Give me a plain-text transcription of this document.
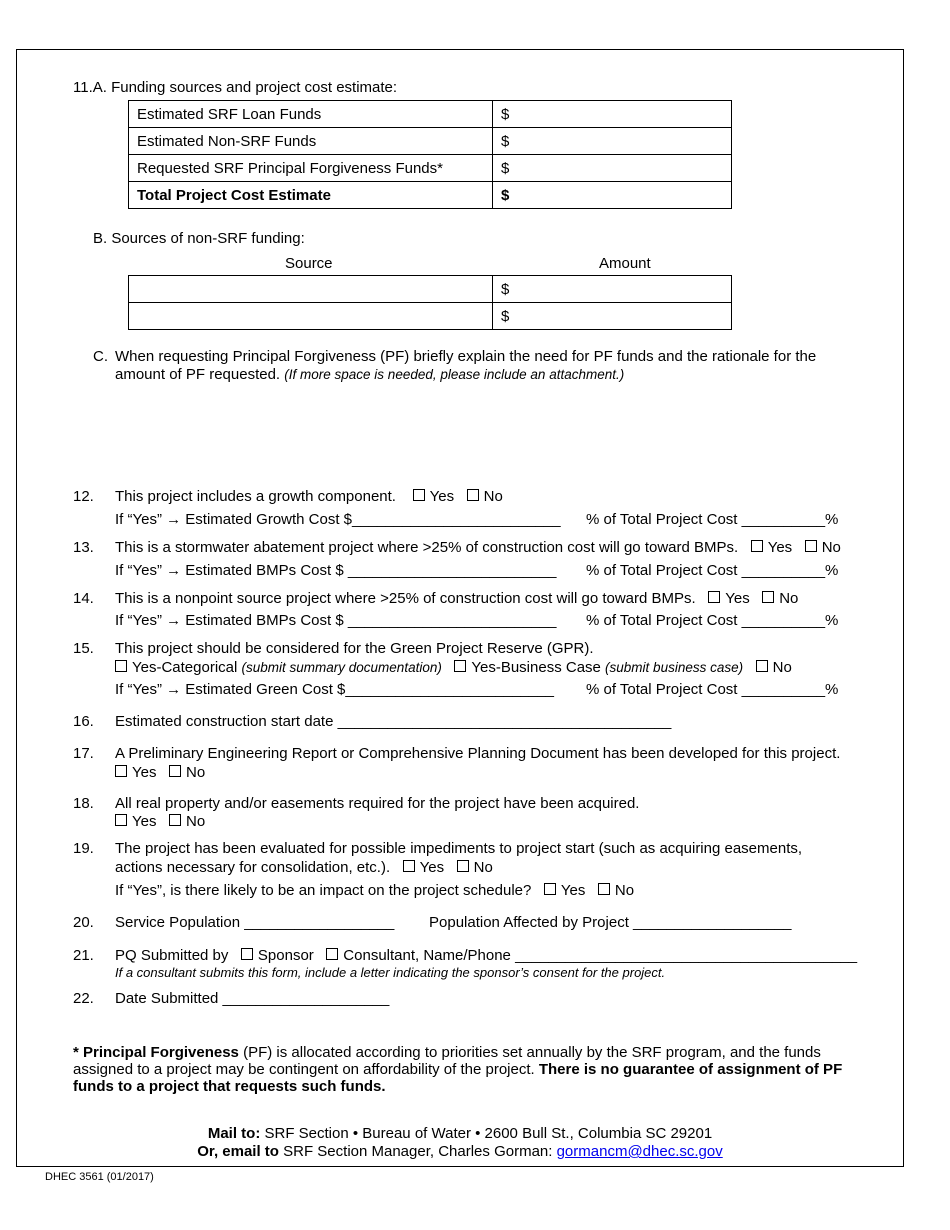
11.A. Funding sources and project cost estimate:
Estimated SRF Loan Funds	$
Estimated Non-SRF Funds	$
Requested SRF Principal Forgiveness Funds*	$
Total Project Cost Estimate	$
B. Sources of non-SRF funding:
Source	Amount
	$
	$
C. When requesting Principal Forgiveness (PF) briefly explain the need for PF funds and the rationale for the
amount of PF requested. (If more space is needed, please include an attachment.)
12. This project includes a growth component. Yes No
If “Yes” → Estimated Growth Cost $_________________________ % of Total Project Cost __________%
13. This is a stormwater abatement project where >25% of construction cost will go toward BMPs. Yes No
If “Yes” → Estimated BMPs Cost $ _________________________ % of Total Project Cost __________%
14. This is a nonpoint source project where >25% of construction cost will go toward BMPs. Yes No
If “Yes” → Estimated BMPs Cost $ _________________________ % of Total Project Cost __________%
15. This project should be considered for the Green Project Reserve (GPR).
Yes-Categorical (submit summary documentation) Yes-Business Case (submit business case) No
If “Yes” → Estimated Green Cost $_________________________ % of Total Project Cost __________%
16. Estimated construction start date ________________________________________
17. A Preliminary Engineering Report or Comprehensive Planning Document has been developed for this project.
Yes No
18. All real property and/or easements required for the project have been acquired.
Yes No
19. The project has been evaluated for possible impediments to project start (such as acquiring easements,
actions necessary for consolidation, etc.). Yes No
If “Yes”, is there likely to be an impact on the project schedule? Yes No
20. Service Population __________________ Population Affected by Project ___________________
21. PQ Submitted by Sponsor Consultant, Name/Phone _________________________________________
If a consultant submits this form, include a letter indicating the sponsor’s consent for the project.
22. Date Submitted ____________________
* Principal Forgiveness (PF) is allocated according to priorities set annually by the SRF program, and the funds
assigned to a project may be contingent on affordability of the project. There is no guarantee of assignment of PF
funds to a project that requests such funds.
Mail to: SRF Section • Bureau of Water • 2600 Bull St., Columbia SC 29201
Or, email to SRF Section Manager, Charles Gorman: gormancm@dhec.sc.gov
DHEC 3561 (01/2017)
